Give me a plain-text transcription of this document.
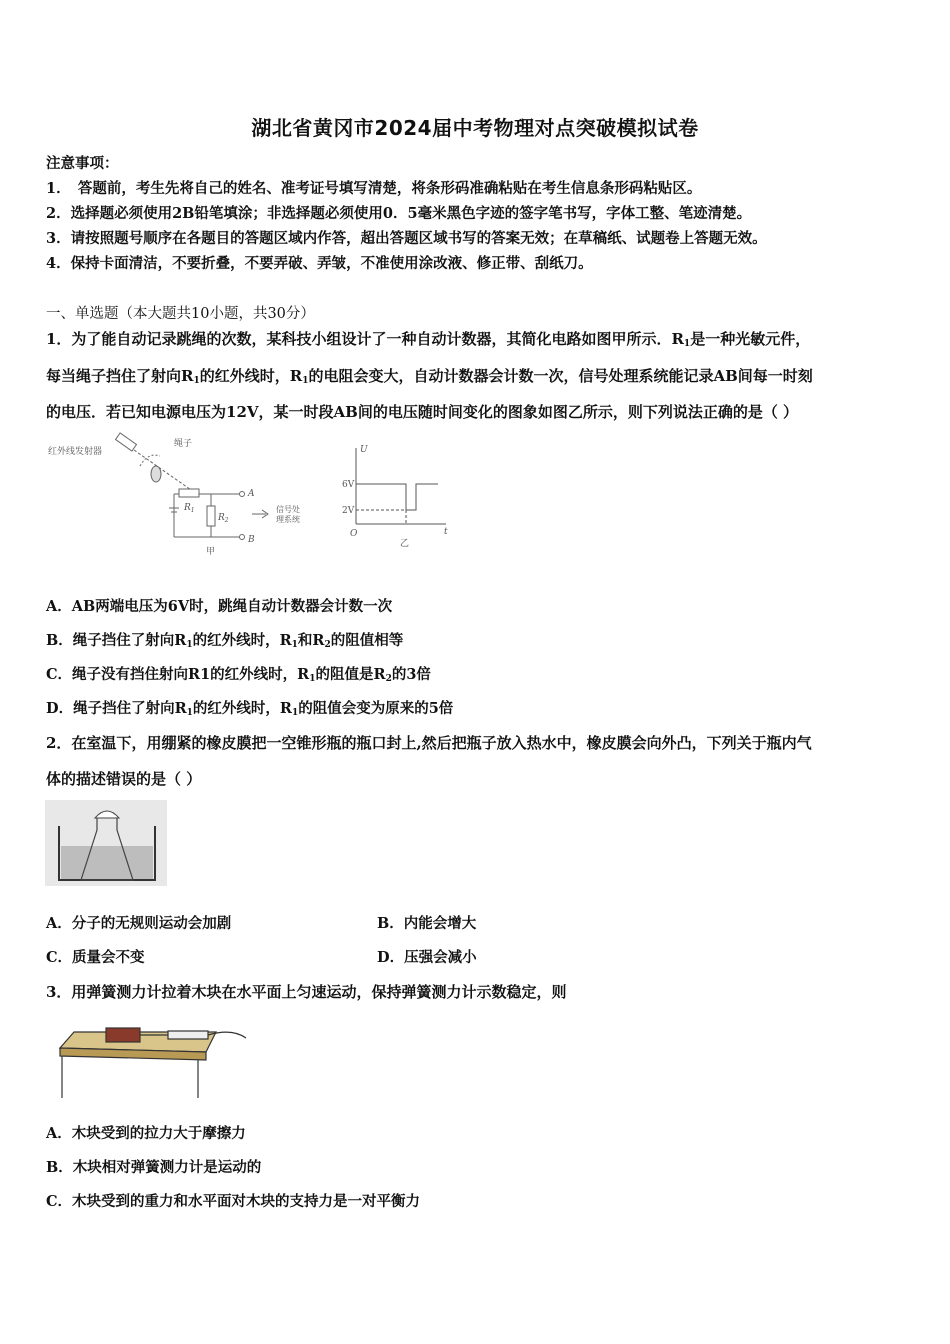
湖北省黄冈市2024届中考物理对点突破模拟试卷
注意事项：
1．　答题前，考生先将自己的姓名、准考证号填写清楚，将条形码准确粘贴在考生信息条形码粘贴区。
2．选择题必须使用2B铅笔填涂；非选择题必须使用0．5毫米黑色字迹的签字笔书写，字体工整、笔迹清楚。
3．请按照题号顺序在各题目的答题区域内作答，超出答题区域书写的答案无效；在草稿纸、试题卷上答题无效。
4．保持卡面清洁，不要折叠，不要弄破、弄皱，不准使用涂改液、修正带、刮纸刀。
一、单选题（本大题共10小题，共30分）
1．为了能自动记录跳绳的次数，某科技小组设计了一种自动计数器，其简化电路如图甲所示．$R_1$是一种光敏元件，
每当绳子挡住了射向$R_1$的红外线时，$R_1$的电阻会变大，自动计数器会计数一次，信号处理系统能记录AB间每一时刻
的电压．若已知电源电压为12V，某一时段AB间的电压随时间变化的图象如图乙所示，则下列说法正确的是（ ）
红外线发射器
绳子
$R_1$
$R_2$
A
B
信号处
理系统
甲
U
6V
2V
O	t
乙
A．AB两端电压为6V时，跳绳自动计数器会计数一次
B．绳子挡住了射向$R_1$的红外线时，$R_1$和$R_2$的阻值相等
C．绳子没有挡住射向R1的红外线时，$R_1$的阻值是$R_2$的3倍
D．绳子挡住了射向$R_1$的红外线时，$R_1$的阻值会变为原来的5倍
2．在室温下，用绷紧的橡皮膜把一空锥形瓶的瓶口封上,然后把瓶子放入热水中，橡皮膜会向外凸，下列关于瓶内气
体的描述错误的是（ ）
A．分子的无规则运动会加剧	B．内能会增大
C．质量会不变	D．压强会减小
3．用弹簧测力计拉着木块在水平面上匀速运动，保持弹簧测力计示数稳定，则
A．木块受到的拉力大于摩擦力
B．木块相对弹簧测力计是运动的
C．木块受到的重力和水平面对木块的支持力是一对平衡力
